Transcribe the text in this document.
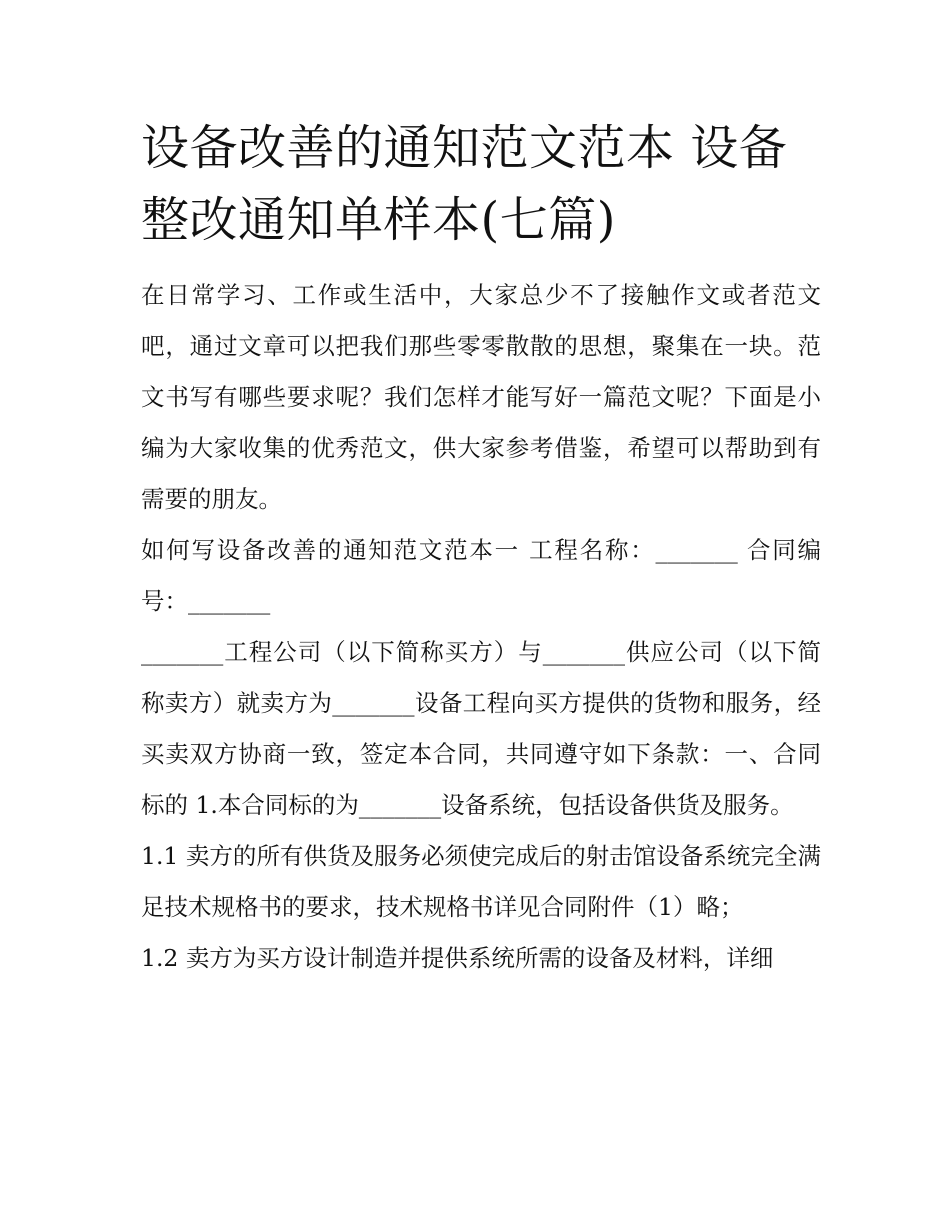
设备改善的通知范文范本 设备
整改通知单样本(七篇)

在日常学习、工作或生活中，大家总少不了接触作文或者范文吧，通过文章可以把我们那些零零散散的思想，聚集在一块。范文书写有哪些要求呢？我们怎样才能写好一篇范文呢？下面是小编为大家收集的优秀范文，供大家参考借鉴，希望可以帮助到有需要的朋友。

如何写设备改善的通知范文范本一 工程名称：_______ 合同编号：_______

_______工程公司（以下简称买方）与_______供应公司（以下简称卖方）就卖方为_______设备工程向买方提供的货物和服务，经买卖双方协商一致，签定本合同，共同遵守如下条款：一、合同标的 1.本合同标的为_______设备系统，包括设备供货及服务。

1.1 卖方的所有供货及服务必须使完成后的射击馆设备系统完全满足技术规格书的要求，技术规格书详见合同附件（1）略；

1.2 卖方为买方设计制造并提供系统所需的设备及材料，详细
